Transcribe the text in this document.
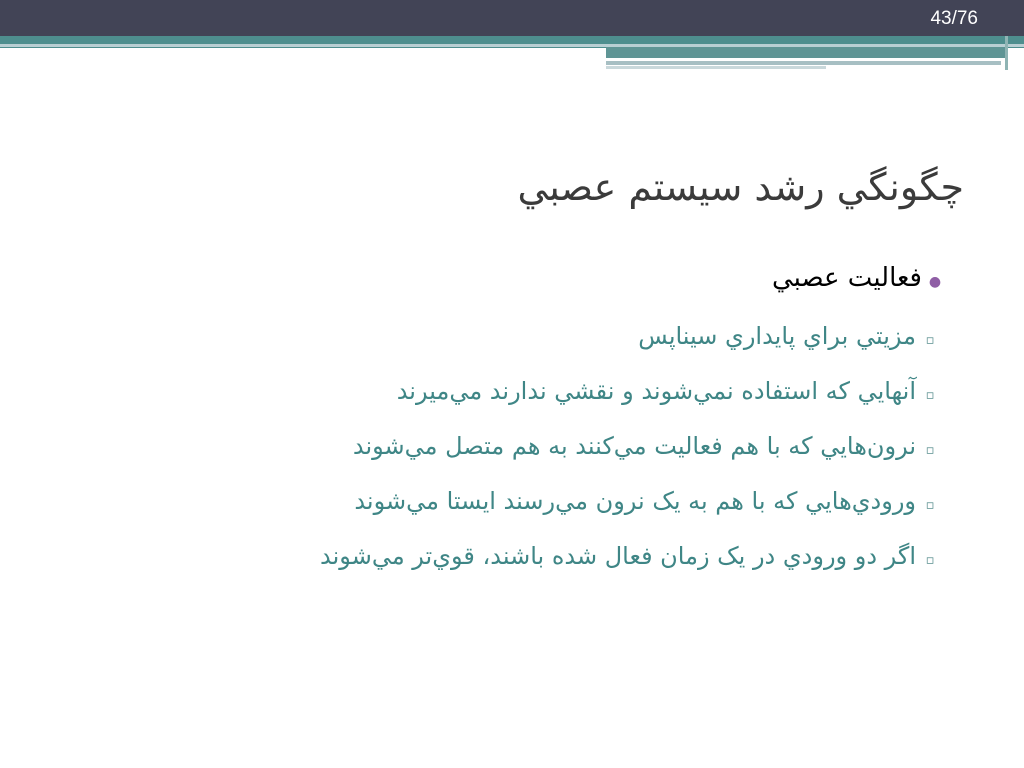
43/76
چگونگي رشد سيستم عصبي
●
فعاليت عصبي
▫
مزيتي براي پايداري سيناپس
▫
آنهايي که استفاده نمي‌شوند و نقشي ندارند مي‌ميرند
▫
نرون‌هايي که با هم فعاليت مي‌کنند به هم متصل مي‌شوند
▫
ورودي‌هايي که با هم به يک نرون مي‌رسند ايستا مي‌شوند
▫
اگر دو ورودي در يک زمان فعال شده باشند، قوي‌تر مي‌شوند
